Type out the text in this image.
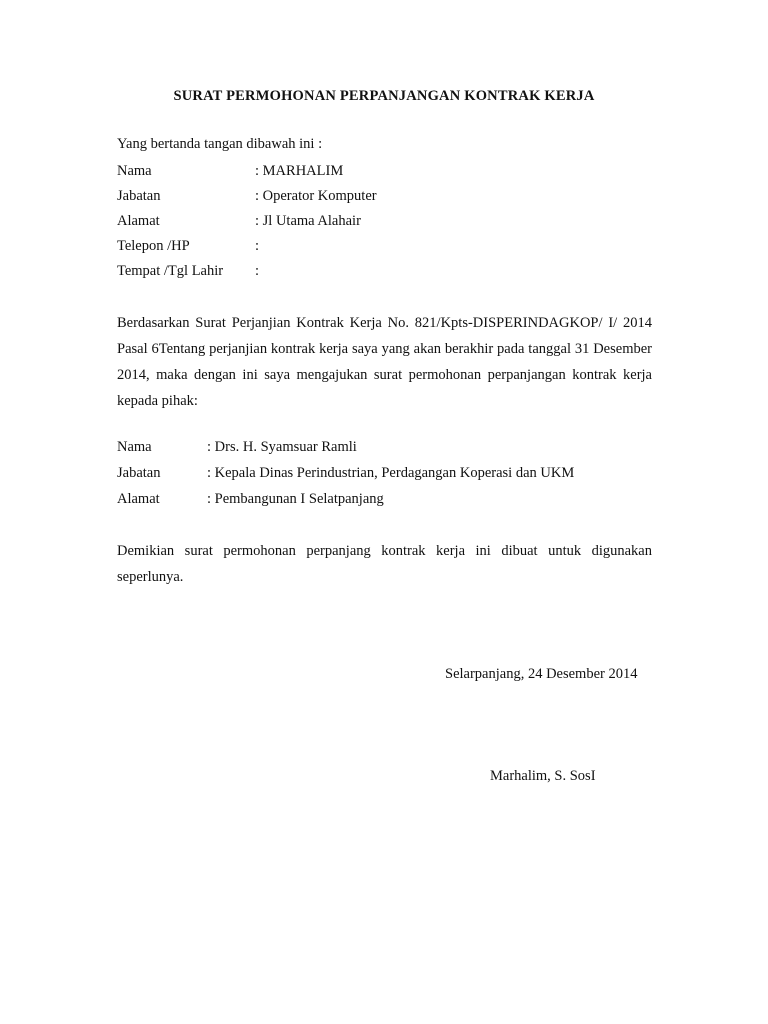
SURAT PERMOHONAN PERPANJANGAN KONTRAK KERJA
Yang bertanda tangan dibawah ini :
Nama	: MARHALIM
Jabatan	: Operator Komputer
Alamat	: Jl Utama Alahair
Telepon /HP	:
Tempat /Tgl Lahir :
Berdasarkan Surat Perjanjian Kontrak Kerja No. 821/Kpts-DISPERINDAGKOP/ I/ 2014 Pasal 6Tentang perjanjian kontrak kerja saya yang akan berakhir pada tanggal 31 Desember 2014, maka dengan ini saya mengajukan surat permohonan perpanjangan kontrak kerja kepada pihak:
Nama	: Drs. H. Syamsuar Ramli
Jabatan	: Kepala Dinas Perindustrian, Perdagangan Koperasi dan UKM
Alamat	: Pembangunan I Selatpanjang
Demikian surat permohonan perpanjang kontrak kerja ini dibuat untuk digunakan seperlunya.
Selarpanjang, 24 Desember 2014
Marhalim, S. SosI
